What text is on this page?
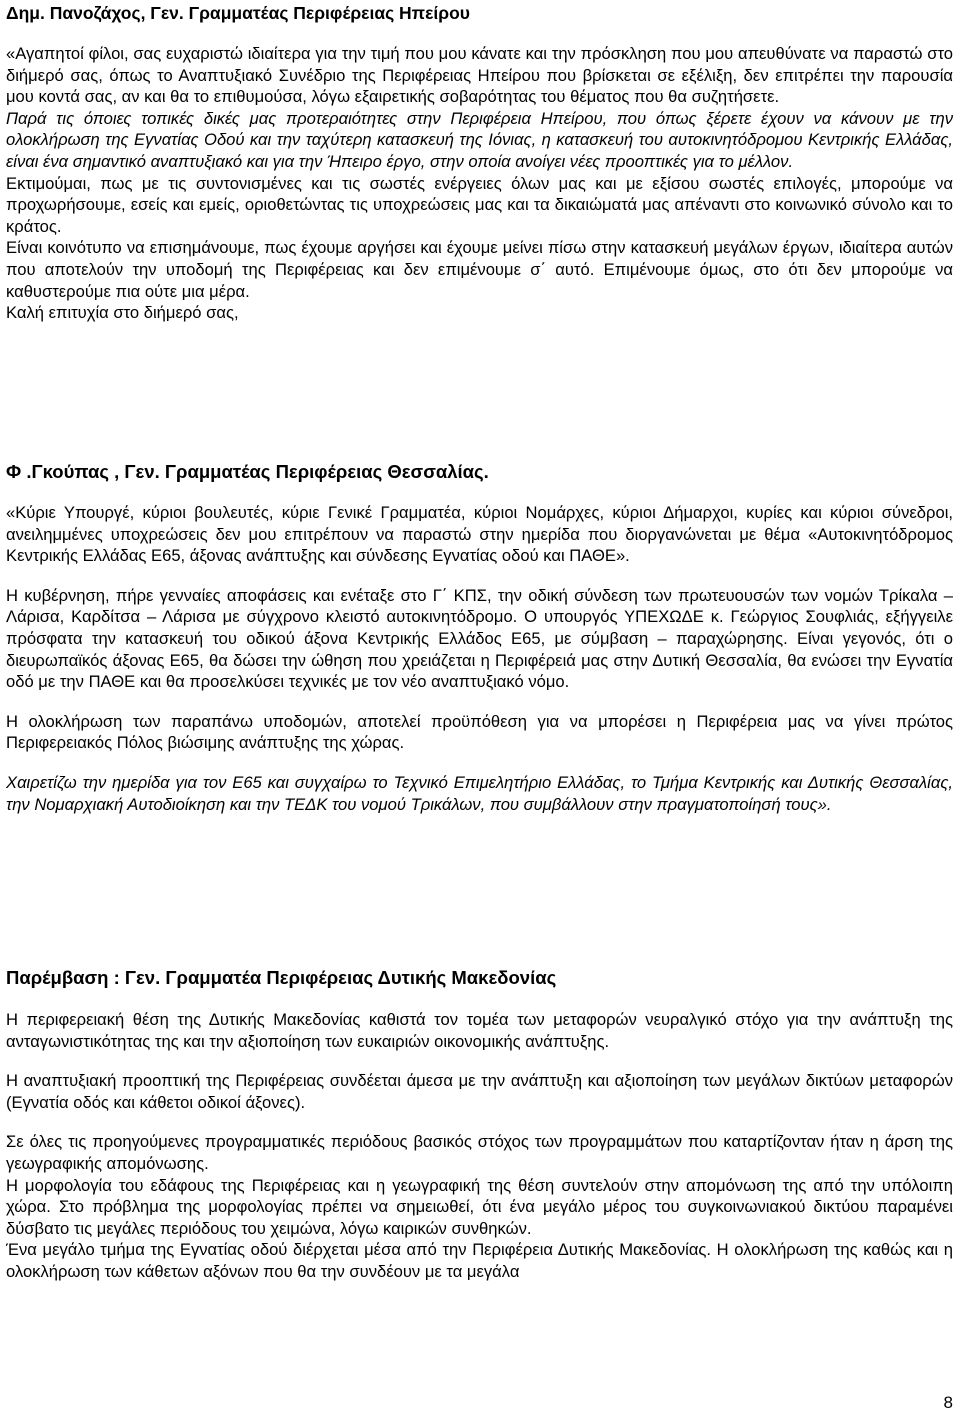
Δημ. Πανοζάχος, Γεν. Γραμματέας Περιφέρειας Ηπείρου

«Αγαπητοί φίλοι, σας ευχαριστώ ιδιαίτερα για την τιμή που μου κάνατε και την πρόσκληση που μου απευθύνατε να παραστώ στο διήμερό σας, όπως το Αναπτυξιακό Συνέδριο της Περιφέρειας Ηπείρου που βρίσκεται σε εξέλιξη, δεν επιτρέπει την παρουσία μου κοντά σας, αν και θα το επιθυμούσα, λόγω εξαιρετικής σοβαρότητας του θέματος που θα συζητήσετε.

Παρά τις όποιες τοπικές δικές μας προτεραιότητες στην Περιφέρεια Ηπείρου, που όπως ξέρετε έχουν να κάνουν με την ολοκλήρωση της Εγνατίας Οδού και την ταχύτερη κατασκευή της Ιόνιας, η κατασκευή του αυτοκινητόδρομου Κεντρικής Ελλάδας, είναι ένα σημαντικό αναπτυξιακό και για την Ήπειρο έργο, στην οποία ανοίγει νέες προοπτικές για το μέλλον.

Εκτιμούμαι, πως με τις συντονισμένες και τις σωστές ενέργειες όλων μας και με εξίσου σωστές επιλογές, μπορούμε να προχωρήσουμε, εσείς και εμείς, οριοθετώντας τις υποχρεώσεις μας και τα δικαιώματά μας απέναντι στο κοινωνικό σύνολο και το κράτος.

Είναι κοινότυπο να επισημάνουμε, πως έχουμε αργήσει και έχουμε μείνει πίσω στην κατασκευή μεγάλων έργων, ιδιαίτερα αυτών που αποτελούν την υποδομή της Περιφέρειας και δεν επιμένουμε σ΄ αυτό. Επιμένουμε όμως, στο ότι δεν μπορούμε να καθυστερούμε πια ούτε μια μέρα.

Καλή επιτυχία στο διήμερό σας,

Φ .Γκούπας , Γεν. Γραμματέας Περιφέρειας Θεσσαλίας.

«Κύριε Υπουργέ, κύριοι βουλευτές, κύριε Γενικέ Γραμματέα, κύριοι Νομάρχες, κύριοι Δήμαρχοι, κυρίες και κύριοι σύνεδροι, ανειλημμένες υποχρεώσεις δεν μου επιτρέπουν να παραστώ στην ημερίδα που διοργανώνεται με θέμα «Αυτοκινητόδρομος Κεντρικής Ελλάδας Ε65, άξονας ανάπτυξης και σύνδεσης Εγνατίας οδού και ΠΑΘΕ».

Η κυβέρνηση, πήρε γενναίες αποφάσεις και ενέταξε στο Γ΄ ΚΠΣ, την οδική σύνδεση των πρωτευουσών των νομών Τρίκαλα –Λάρισα, Καρδίτσα – Λάρισα με σύγχρονο κλειστό αυτοκινητόδρομο. Ο υπουργός ΥΠΕΧΩΔΕ κ. Γεώργιος Σουφλιάς, εξήγγειλε πρόσφατα την κατασκευή του οδικού άξονα Κεντρικής Ελλάδος Ε65, με σύμβαση – παραχώρησης. Είναι γεγονός, ότι ο διευρωπαϊκός άξονας Ε65, θα δώσει την ώθηση που χρειάζεται η Περιφέρειά μας στην Δυτική Θεσσαλία, θα ενώσει την Εγνατία οδό με την ΠΑΘΕ και θα προσελκύσει τεχνικές με τον νέο αναπτυξιακό νόμο.

Η ολοκλήρωση των παραπάνω υποδομών, αποτελεί προϋπόθεση για να μπορέσει η Περιφέρεια μας να γίνει πρώτος Περιφερειακός Πόλος βιώσιμης ανάπτυξης της χώρας.

Χαιρετίζω την ημερίδα για τον Ε65 και συγχαίρω το Τεχνικό Επιμελητήριο Ελλάδας, το Τμήμα Κεντρικής και Δυτικής Θεσσαλίας, την Νομαρχιακή Αυτοδιοίκηση και την ΤΕΔΚ του νομού Τρικάλων, που συμβάλλουν στην πραγματοποίησή τους».

Παρέμβαση : Γεν. Γραμματέα Περιφέρειας Δυτικής Μακεδονίας

Η περιφερειακή θέση της Δυτικής Μακεδονίας καθιστά τον τομέα των μεταφορών νευραλγικό στόχο για την ανάπτυξη της ανταγωνιστικότητας της και την αξιοποίηση των ευκαιριών οικονομικής ανάπτυξης.

Η αναπτυξιακή προοπτική της Περιφέρειας συνδέεται άμεσα με την ανάπτυξη και αξιοποίηση των μεγάλων δικτύων μεταφορών (Εγνατία οδός και κάθετοι οδικοί άξονες).

Σε όλες τις προηγούμενες προγραμματικές περιόδους βασικός στόχος των προγραμμάτων που καταρτίζονταν ήταν η άρση της γεωγραφικής απομόνωσης.

Η μορφολογία του εδάφους της Περιφέρειας και η γεωγραφική της θέση συντελούν στην απομόνωση της από την υπόλοιπη χώρα. Στο πρόβλημα της μορφολογίας πρέπει να σημειωθεί, ότι ένα μεγάλο μέρος του συγκοινωνιακού δικτύου παραμένει δύσβατο τις μεγάλες περιόδους του χειμώνα, λόγω καιρικών συνθηκών.

Ένα μεγάλο τμήμα της Εγνατίας οδού διέρχεται μέσα από την Περιφέρεια Δυτικής Μακεδονίας. Η ολοκλήρωση της καθώς και η ολοκλήρωση των κάθετων αξόνων που θα την συνδέουν με τα μεγάλα

8
